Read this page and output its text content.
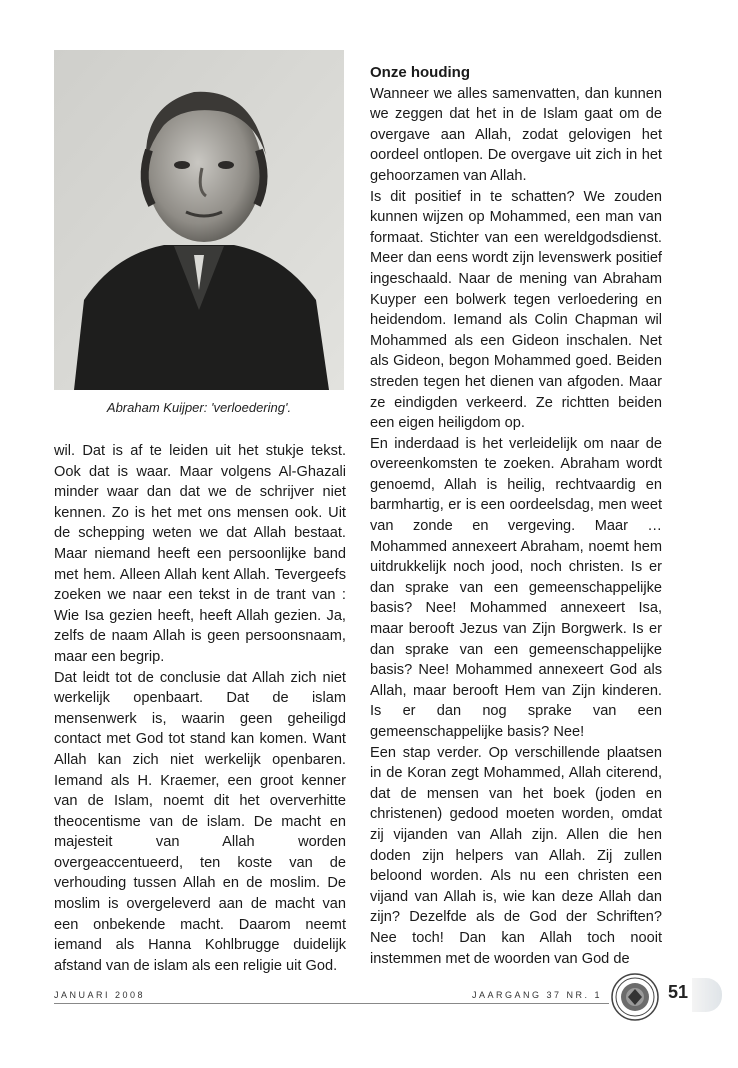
Abraham Kuijper: 'verloedering'.

wil. Dat is af te leiden uit het stukje tekst. Ook dat is waar. Maar volgens Al-Ghazali minder waar dan dat we de schrijver niet kennen. Zo is het met ons mensen ook. Uit de schepping weten we dat Allah bestaat. Maar niemand heeft een persoonlijke band met hem. Alleen Allah kent Allah. Tevergeefs zoeken we naar een tekst in de trant van : Wie Isa gezien heeft, heeft Allah gezien. Ja, zelfs de naam Allah is geen persoonsnaam, maar een begrip.

Dat leidt tot de conclusie dat Allah zich niet werkelijk openbaart. Dat de islam mensenwerk is, waarin geen geheiligd contact met God tot stand kan komen. Want Allah kan zich niet werkelijk openbaren. Iemand als H. Kraemer, een groot kenner van de Islam, noemt dit het oververhitte theocentisme van de islam. De macht en majesteit van Allah worden overgeaccentueerd, ten koste van de verhouding tussen Allah en de moslim. De moslim is overgeleverd aan de macht van een onbekende macht. Daarom neemt iemand als Hanna Kohlbrugge duidelijk afstand van de islam als een religie uit God.

Onze houding

Wanneer we alles samenvatten, dan kunnen we zeggen dat het in de Islam gaat om de overgave aan Allah, zodat gelovigen het oordeel ontlopen. De overgave uit zich in het gehoorzamen van Allah.

Is dit positief in te schatten? We zouden kunnen wijzen op Mohammed, een man van formaat. Stichter van een wereldgodsdienst. Meer dan eens wordt zijn levenswerk positief ingeschaald. Naar de mening van Abraham Kuyper een bolwerk tegen verloedering en heidendom. Iemand als Colin Chapman wil Mohammed als een Gideon inschalen. Net als Gideon, begon Mohammed goed. Beiden streden tegen het dienen van afgoden. Maar ze eindigden verkeerd. Ze richtten beiden een eigen heiligdom op.

En inderdaad is het verleidelijk om naar de overeenkomsten te zoeken. Abraham wordt genoemd, Allah is heilig, rechtvaardig en barmhartig, er is een oordeelsdag, men weet van zonde en vergeving. Maar … Mohammed annexeert Abraham, noemt hem uitdrukkelijk noch jood, noch christen. Is er dan sprake van een gemeenschappelijke basis? Nee! Mohammed annexeert Isa, maar berooft Jezus van Zijn Borgwerk. Is er dan sprake van een gemeenschappelijke basis? Nee! Mohammed annexeert God als Allah, maar berooft Hem van Zijn kinderen. Is er dan nog sprake van een gemeenschappelijke basis? Nee!

Een stap verder. Op verschillende plaatsen in de Koran zegt Mohammed, Allah citerend, dat de mensen van het boek (joden en christenen) gedood moeten worden, omdat zij vijanden van Allah zijn. Allen die hen doden zijn helpers van Allah. Zij zullen beloond worden. Als nu een christen een vijand van Allah is, wie kan deze Allah dan zijn? Dezelfde als de God der Schriften? Nee toch! Dan kan Allah toch nooit instemmen met de woorden van God de

JANUARI 2008	JAARGANG 37 NR. 1	51
